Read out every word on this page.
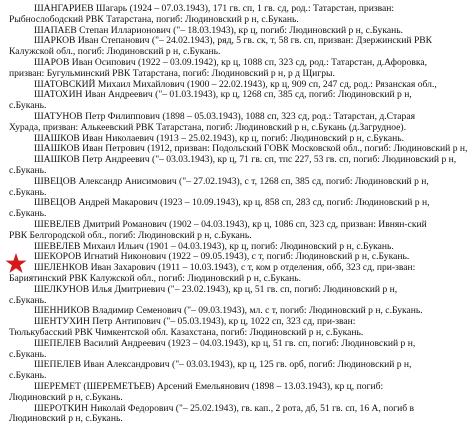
ШАНГАРИЕВ Шагарь (1924 – 07.03.1943), 171 гв. сп, 1 гв. сд, род.: Татарстан, призван:
Рыбнослободский РВК Татарстана, погиб: Людиновский р н, с.Букань.
ШАПАЕВ Степан Илларионович ("– 18.03.1943), кр ц, погиб: Людиновский р н, с.Букань.
ШАРКОВ Иван Степанович ("– 24.02.1943), ряд, 5 гв. ск, т, 58 гв. сп, призван: Дзержинский РВК
Калужской обл., погиб: Людиновский р н, с.Букань.
ШАРОВ Иван Осипович (1922 – 03.09.1942), кр ц, 1088 сп, 323 сд, род.: Татарстан, д.Афоровка,
призван: Бугульминский РВК Татарстана, погиб: Людиновский р н, р д Щигры.
ШАТОВСКИЙ Михаил Михайлович (1900 – 22.02.1943), кр ц, 909 сп, 247 сд, род.: Рязанская обл.,
ШАТОХИН Иван Андреевич ("– 01.03.1943), кр ц, 1268 сп, 385 сд, погиб: Людиновский р н,
с.Букань.
ШАТУНОВ Петр Филиппович (1898 – 05.03.1943), 1088 сп, 323 сд, род.: Татарстан, д.Старая
Хурада, призван: Алькеевский РВК Татарстана, погиб: Людиновский р н, с.Букань (д.Загрудное).
ШАШКОВ Иван Николаевич (1913 – 25.02.1943), кр ц, погиб: Людиновский р н, с.Букань.
ШАШКОВ Иван Петрович (1912, призван: Подольский ГОВК Московской обл., погиб: Людиновский р н,
ШАШКОВ Петр Андреевич ("– 03.03.1943), кр ц, 71 гв. сп, тпс 227, 53 гв. сп, погиб: Людиновский р н,
с.Букань.
ШВЕЦОВ Александр Анисимович ("– 27.02.1943), с т, 1268 сп, 385 сд, погиб: Людиновский р н,
с.Букань.
ШВЕЦОВ Андрей Макарович (1923 – 10.09.1943), кр ц, 858 сп, 283 сд, погиб: Людиновский р н,
с.Букань.
ШЕВЕЛЕВ Дмитрий Романович (1902 – 04.03.1943), кр ц, 1086 сп, 323 сд, призван: Ивнян-ский
РВК Белгородской обл., погиб: Людиновский р н, с.Букань.
ШЕВЕЛЕВ Михаил Ильич (1901 – 04.03.1943), кр ц, погиб: Людиновский р н, с.Букань.
ШЕКОРОВ Игнатий Никонович (1922 – 09.05.1943), с т, погиб: Людиновский р н, с.Букань.
ШЕЛЕНКОВ Иван Захарович (1911 – 10.03.1943), с т, ком р отделения, обб, 323 сд, при-зван:
Бариятинский РВК Калужской обл., погиб: Людиновский р н, с.Букань.
ШЕЛКУНОВ Илья Дмитриевич ("– 23.02.1943), кр ц, 51 гв. сп, погиб: Людиновский р н,
с.Букань.
ШЕННИКОВ Владимир Семенович ("– 09.03.1943), мл. с т, погиб: Людиновский р н, с.Букань.
ШЕНТУХИН Петр Антипович ("– 05.03.1943), кр ц, 1022 сп, 323 сд, при-зван:
Тюлькубасский РВК Чимкентской обл. Казахстана, погиб: Людиновский р н, с.Букань.
ШЕПЕЛЕВ Василий Андреевич (1923 – 04.03.1943), кр ц, 51 гв. сп, погиб: Людиновский р н,
с.Букань.
ШЕПЕЛЕВ Иван Александрович ("– 03.03.1943), кр ц, 125 гв. орб, погиб: Людиновский р н,
с.Букань.
ШЕРЕМЕТ (ШЕРЕМЕТЬЕВ) Арсений Емельянович (1898 – 13.03.1943), кр ц, погиб:
Людиновский р н, с.Букань.
ШЕРОТКИН Николай Федорович ("– 25.02.1943), гв. кап., 2 рота, дб, 51 гв. сп, 16 А, погиб в
Людиновский р н, с.Букань.
